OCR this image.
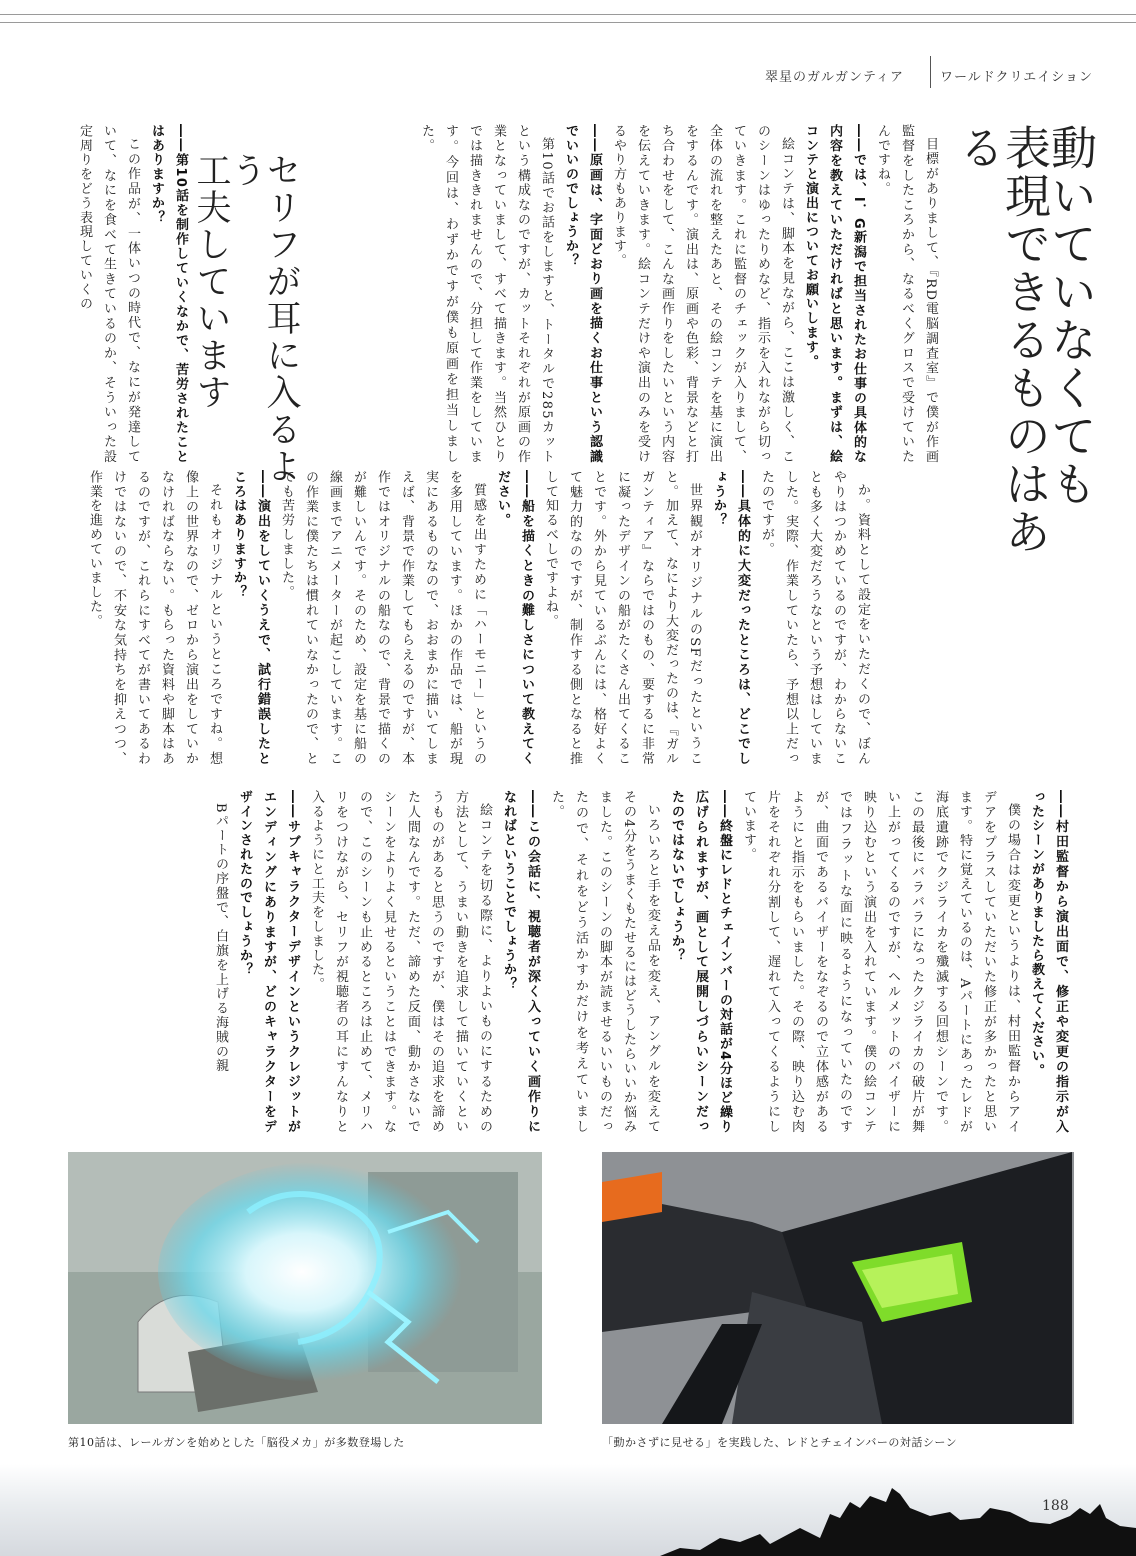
翠星のガルガンティア	ワールドクリエイション
動いていなくても
表現できるものはある
セリフが耳に入るよう
工夫しています	目標がありまして、『RD電脳調査室』で僕が作画監督をしたころから、なるべくグロスで受けていたんですね。

――では、I．G新潟で担当されたお仕事の具体的な内容を教えていただければと思います。まずは、絵コンテと演出についてお願いします。

絵コンテは、脚本を見ながら、ここは激しく、このシーンはゆったりめなど、指示を入れながら切っていきます。これに監督のチェックが入りまして、全体の流れを整えたあと、その絵コンテを基に演出をするんです。演出は、原画や色彩、背景などと打ち合わせをして、こんな画作りをしたいという内容を伝えていきます。絵コンテだけや演出のみを受けるやり方もあります。

――原画は、字面どおり画を描くお仕事という認識でいいのでしょうか？

第10話でお話をしますと、トータルで285カットという構成なのですが、カットそれぞれが原画の作業となっていまして、すべて描きます。当然ひとりでは描ききれませんので、分担して作業をしています。今回は、わずかですが僕も原画を担当しました。

――第10話を制作していくなかで、苦労されたことはありますか？

この作品が、一体いつの時代で、なにが発達していて、なにを食べて生きているのか、そういった設定周りをどう表現していくの

か。資料として設定をいただくので、ぼんやりはつかめているのですが、わからないことも多く大変だろうなという予想はしていました。実際、作業していたら、予想以上だったのですが。

――具体的に大変だったところは、どこでしょうか？

世界観がオリジナルのSFだったということ。加えて、なにより大変だったのは、『ガルガンティア』ならではのもの、要するに非常に凝ったデザインの船がたくさん出てくることです。外から見ているぶんには、格好よくて魅力的なのですが、制作する側となると推して知るべしですよね。

――船を描くときの難しさについて教えてください。

質感を出すために「ハーモニー」というのを多用しています。ほかの作品では、船が現実にあるものなので、おおまかに描いてしまえば、背景で作業してもらえるのですが、本作ではオリジナルの船なので、背景で描くのが難しいんです。そのため、設定を基に船の線画までアニメーターが起こしています。この作業に僕たちは慣れていなかったので、とても苦労しました。

――演出をしていくうえで、試行錯誤したところはありますか？

それもオリジナルというところですね。想像上の世界なので、ゼロから演出をしていかなければならない。もらった資料や脚本はあるのですが、これらにすべてが書いてあるわけではないので、不安な気持ちを抑えつつ、作業を進めていました。

――村田監督から演出面で、修正や変更の指示が入ったシーンがありましたら教えてください。

僕の場合は変更というよりは、村田監督からアイデアをプラスしていただいた修正が多かったと思います。特に覚えているのは、Aパートにあったレドが海底遺跡でクジライカを殲滅する回想シーンです。この最後にバラバラになったクジライカの破片が舞い上がってくるのですが、ヘルメットのバイザーに映り込むという演出を入れています。僕の絵コンテではフラットな面に映るようになっていたのですが、曲面であるバイザーをなぞるので立体感があるようにと指示をもらいました。その際、映り込む肉片をそれぞれ分割して、遅れて入ってくるようにしています。

――終盤にレドとチェインバーの対話が4分ほど繰り広げられますが、画として展開しづらいシーンだったのではないでしょうか？

いろいろと手を変え品を変え、アングルを変えてその4分をうまくもたせるにはどうしたらいいか悩みました。このシーンの脚本が読ませるいいものだったので、それをどう活かすかだけを考えていました。

――この会話に、視聴者が深く入っていく画作りになればということでしょうか？

絵コンテを切る際に、よりよいものにするための方法として、うまい動きを追求して描いていくというものがあると思うのですが、僕はその追求を諦めた人間なんです。ただ、諦めた反面、動かさないでシーンをよりよく見せるということはできます。なので、このシーンも止めるところは止めて、メリハリをつけながら、セリフが視聴者の耳にすんなりと入るようにと工夫をしました。

――サブキャラクターデザインというクレジットがエンディングにありますが、どのキャラクターをデザインされたのでしょうか？

Bパートの序盤で、白旗を上げる海賊の親

第10話は、レールガンを始めとした「脳役メカ」が多数登場した	「動かさずに見せる」を実践した、レドとチェインバーの対話シーン
188
